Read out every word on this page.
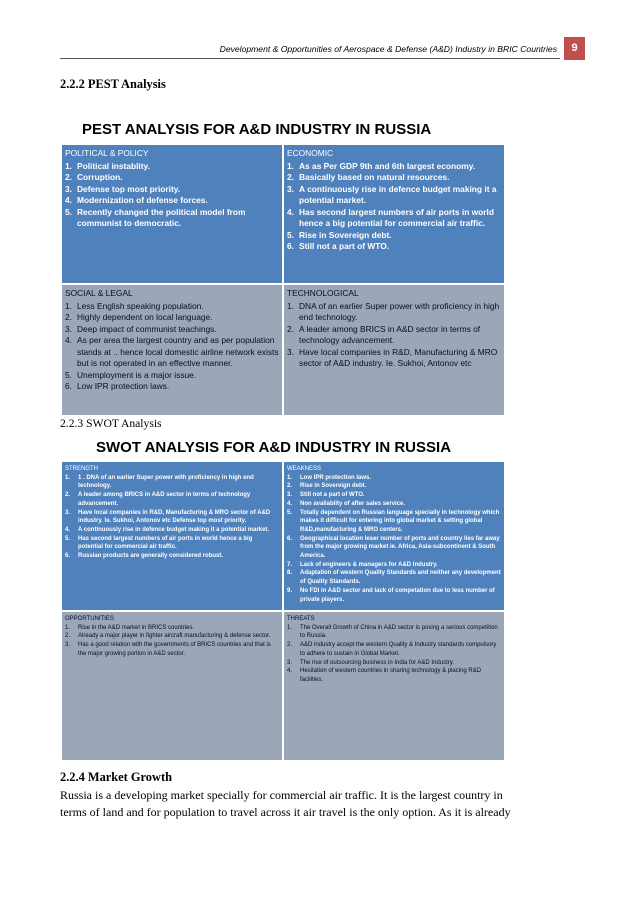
Development & Opportunities of Aerospace & Defense (A&D) Industry in BRIC Countries	9
2.2.2 PEST Analysis
PEST ANALYSIS FOR A&D INDUSTRY IN RUSSIA
POLITICAL & POLICY
1. Political instablity.
2. Corruption.
3. Defense top most priority.
4. Modernization of defense forces.
5. Recently changed the political model from communist to democratic.
ECONOMIC
1. As as Per GDP 9th and 6th largest economy.
2. Basically based on natural resources.
3. A continuously rise in defence budget making it a potential market.
4. Has second largest numbers of air ports in world hence a big potential for commercial air traffic.
5. Rise in Sovereign debt.
6. Still not a part of WTO.
SOCIAL & LEGAL
1. Less English speaking population.
2. Highly dependent on local language.
3. Deep impact of communist teachings.
4. As per area the largest country and as per population stands at .. hence local domestic airline network exists but is not operated in an effective manner.
5. Unemployment is a major issue.
6. Low IPR protection laws.
TECHNOLOGICAL
1. DNA of an earlier Super power with proficiency in high end technology.
2. A leader among BRICS in A&D sector in terms of technology advancement.
3. Have local companies in R&D, Manufacturing & MRO sector of A&D industry. Ie. Sukhoi, Antonov etc
2.2.3 SWOT Analysis
SWOT ANALYSIS FOR A&D INDUSTRY IN RUSSIA
STRENGTH
1. 1 . DNA of an earlier Super power with proficiency in high end technology.
2. A leader among BRICS in A&D sector in terms of technology advancement.
3. Have local companies in R&D, Manufacturing & MRO sector of A&D industry. Ie. Sukhoi, Antonov etc Defense top most priority.
4. A continuously rise in defence budget making it a potential market.
5. Has second largest numbers of air ports in world hence a big potential for commercial air traffic.
6. Russian products are generally considered robust.
WEAKNESS
1. Low IPR protection laws.
2. Rise in Sovereign debt.
3. Still not a part of WTO.
4. Non avaliablity of after sales service.
5. Totally dependent on Russian language specially in technology which makes it difficult for entering into global market & setting global R&D,manufacturing & MRO centers.
6. Geographical location leser number of ports and country lies far away from the major growing market ie. Africa, Asia-subcontinent & South America.
7. Lack of engineers & managers for A&D Industry.
8. Adaptation of western Quality Standards and neither any development of Quality Standards.
9. No FDI in A&D sector and lack of competation due to less number of private players.
OPPORTUNITIES
1. Rise in the A&D market in BRICS countries.
2. Already a major player in fighter aircraft manufacturing & defense sector.
3. Has a good relation with the governments of BRICS countries and that is the major growing portion in A&D sector.
THREATS
1. The Overall Growth of China in A&D sector is posing a serious competition to Russia.
2. A&D industry accept the western Quality & Industry standards compulsory to adhere to sustain in Global Market.
3. The rise of outsourcing business in India for A&D Industry.
4. Hesitation of western countries in sharing technology & placing R&D facilities.
2.2.4 Market Growth
Russia is a developing market specially for commercial air traffic. It is the largest country in
terms of land and for population to travel across it air travel is the only option. As it is already
